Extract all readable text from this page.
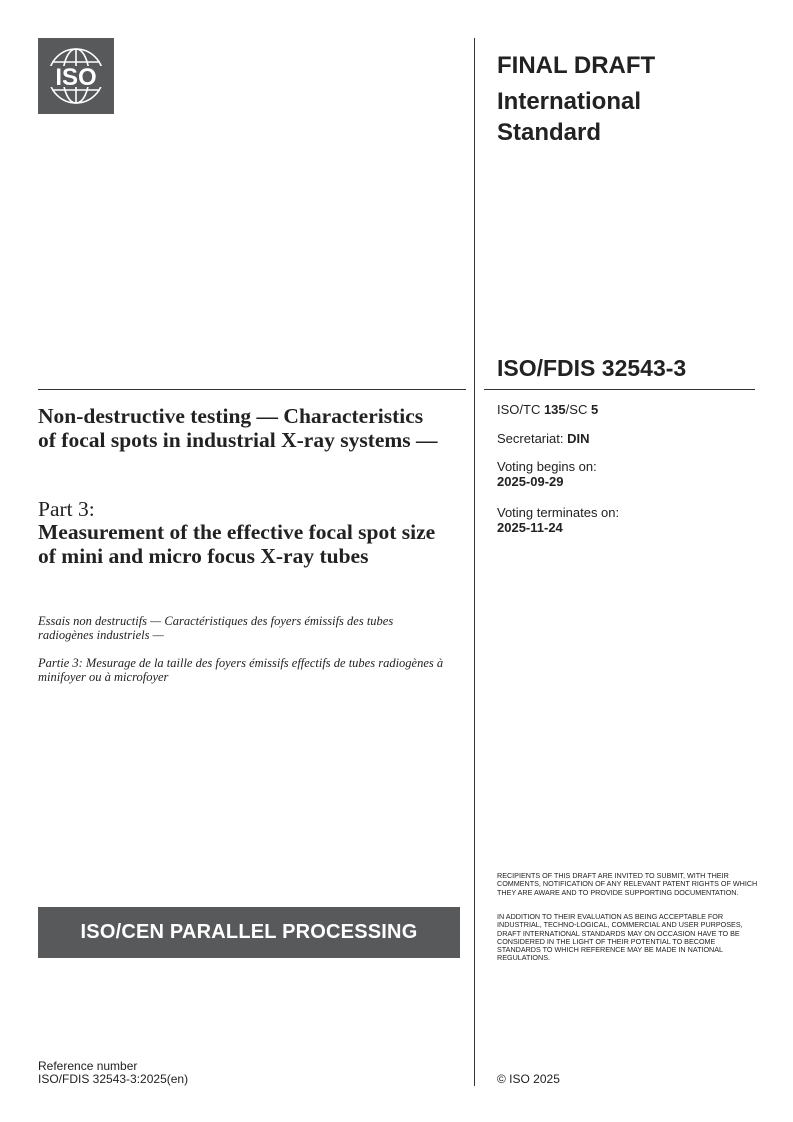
ISO	FINAL DRAFT
International
Standard
ISO/FDIS 32543-3
ISO/TC 135/SC 5
Secretariat: DIN
Voting begins on:
2025-09-29
Voting terminates on:
2025-11-24
Non-destructive testing — Characteristics of focal spots in industrial X-ray systems —
Part 3:
Measurement of the effective focal spot size of mini and micro focus X-ray tubes
Essais non destructifs — Caractéristiques des foyers émissifs des tubes radiogènes industriels —
Partie 3: Mesurage de la taille des foyers émissifs effectifs de tubes radiogènes à minifoyer ou à microfoyer
ISO/CEN PARALLEL PROCESSING
RECIPIENTS OF THIS DRAFT ARE INVITED TO SUBMIT, WITH THEIR COMMENTS, NOTIFICATION OF ANY RELEVANT PATENT RIGHTS OF WHICH THEY ARE AWARE AND TO PROVIDE SUPPORTING DOCUMENTATION.
IN ADDITION TO THEIR EVALUATION AS BEING ACCEPTABLE FOR INDUSTRIAL, TECHNO-LOGICAL, COMMERCIAL AND USER PURPOSES, DRAFT INTERNATIONAL STANDARDS MAY ON OCCASION HAVE TO BE CONSIDERED IN THE LIGHT OF THEIR POTENTIAL TO BECOME STANDARDS TO WHICH REFERENCE MAY BE MADE IN NATIONAL REGULATIONS.
Reference number
ISO/FDIS 32543-3:2025(en)	© ISO 2025
